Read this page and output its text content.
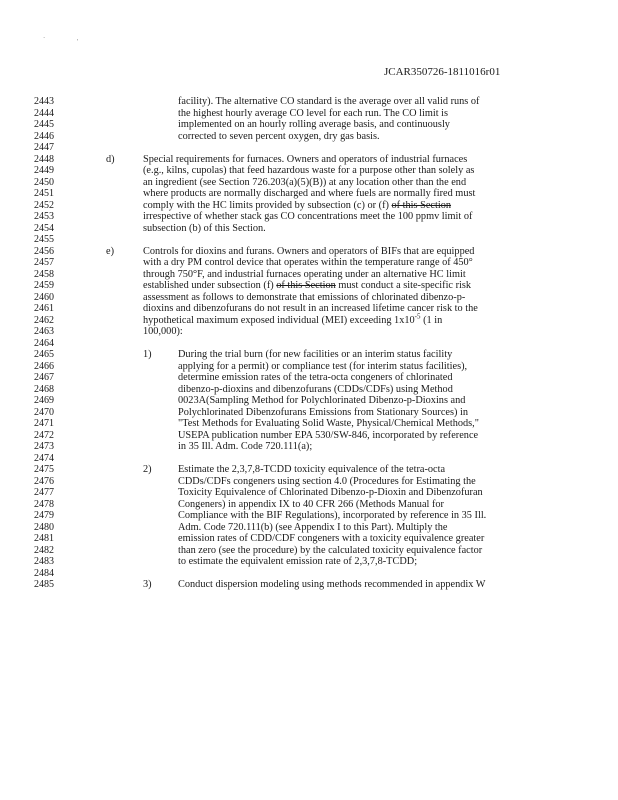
`	'
JCAR350726-1811016r01
2443	facility). The alternative CO standard is the average over all valid runs of
2444	the highest hourly average CO level for each run. The CO limit is
2445	implemented on an hourly rolling average basis, and continuously
2446	corrected to seven percent oxygen, dry gas basis.
2447
2448	d)	Special requirements for furnaces. Owners and operators of industrial furnaces
2449	(e.g., kilns, cupolas) that feed hazardous waste for a purpose other than solely as
2450	an ingredient (see Section 726.203(a)(5)(B)) at any location other than the end
2451	where products are normally discharged and where fuels are normally fired must
2452	comply with the HC limits provided by subsection (c) or (f) of this Section
2453	irrespective of whether stack gas CO concentrations meet the 100 ppmv limit of
2454	subsection (b) of this Section.
2455
2456	e)	Controls for dioxins and furans. Owners and operators of BIFs that are equipped
2457	with a dry PM control device that operates within the temperature range of 450°
2458	through 750°F, and industrial furnaces operating under an alternative HC limit
2459	established under subsection (f) of this Section must conduct a site-specific risk
2460	assessment as follows to demonstrate that emissions of chlorinated dibenzo-p-
2461	dioxins and dibenzofurans do not result in an increased lifetime cancer risk to the
2462	hypothetical maximum exposed individual (MEI) exceeding $1x10^{-5}$ (1 in
2463	100,000):
2464
2465	1)	During the trial burn (for new facilities or an interim status facility
2466	applying for a permit) or compliance test (for interim status facilities),
2467	determine emission rates of the tetra-octa congeners of chlorinated
2468	dibenzo-p-dioxins and dibenzofurans (CDDs/CDFs) using Method
2469	0023A(Sampling Method for Polychlorinated Dibenzo-p-Dioxins and
2470	Polychlorinated Dibenzofurans Emissions from Stationary Sources) in
2471	"Test Methods for Evaluating Solid Waste, Physical/Chemical Methods,"
2472	USEPA publication number EPA 530/SW-846, incorporated by reference
2473	in 35 Ill. Adm. Code 720.111(a);
2474
2475	2)	Estimate the 2,3,7,8-TCDD toxicity equivalence of the tetra-octa
2476	CDDs/CDFs congeners using section 4.0 (Procedures for Estimating the
2477	Toxicity Equivalence of Chlorinated Dibenzo-p-Dioxin and Dibenzofuran
2478	Congeners) in appendix IX to 40 CFR 266 (Methods Manual for
2479	Compliance with the BIF Regulations), incorporated by reference in 35 Ill.
2480	Adm. Code 720.111(b) (see Appendix I to this Part). Multiply the
2481	emission rates of CDD/CDF congeners with a toxicity equivalence greater
2482	than zero (see the procedure) by the calculated toxicity equivalence factor
2483	to estimate the equivalent emission rate of 2,3,7,8-TCDD;
2484
2485	3)	Conduct dispersion modeling using methods recommended in appendix W
